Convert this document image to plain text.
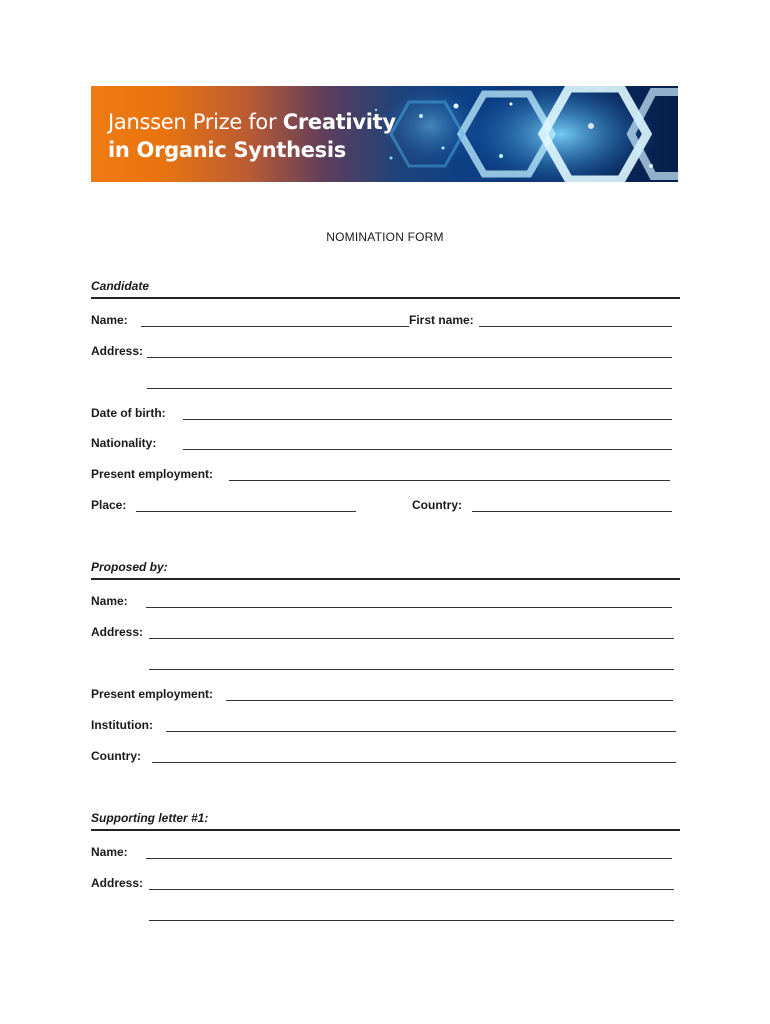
Janssen Prize for Creativity
in Organic Synthesis
NOMINATION FORM
Candidate
Name:	First name:
Address:
Date of birth:
Nationality:
Present employment:
Place:	Country:
Proposed by:
Name:
Address:
Present employment:
Institution:
Country:
Supporting letter #1:
Name:
Address:
